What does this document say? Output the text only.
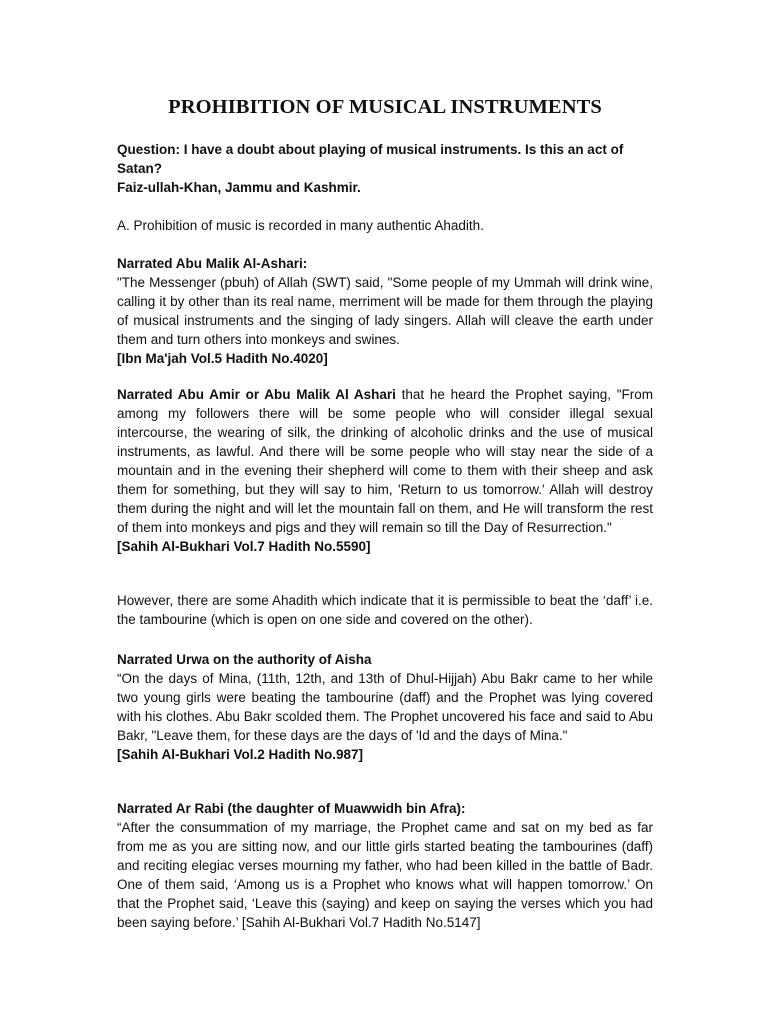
PROHIBITION OF MUSICAL INSTRUMENTS

Question: I have a doubt about playing of musical instruments. Is this an act of Satan?

Faiz-ullah-Khan, Jammu and Kashmir.

A. Prohibition of music is recorded in many authentic Ahadith.

Narrated Abu Malik Al-Ashari:

"The Messenger (pbuh) of Allah (SWT) said, "Some people of my Ummah will drink wine, calling it by other than its real name, merriment will be made for them through the playing of musical instruments and the singing of lady singers. Allah will cleave the earth under them and turn others into monkeys and swines.

[Ibn Ma'jah Vol.5 Hadith No.4020]

Narrated Abu Amir or Abu Malik Al Ashari that he heard the Prophet saying, "From among my followers there will be some people who will consider illegal sexual intercourse, the wearing of silk, the drinking of alcoholic drinks and the use of musical instruments, as lawful. And there will be some people who will stay near the side of a mountain and in the evening their shepherd will come to them with their sheep and ask them for something, but they will say to him, 'Return to us tomorrow.' Allah will destroy them during the night and will let the mountain fall on them, and He will transform the rest of them into monkeys and pigs and they will remain so till the Day of Resurrection."

[Sahih Al-Bukhari Vol.7 Hadith No.5590]

However, there are some Ahadith which indicate that it is permissible to beat the ‘daff’ i.e. the tambourine (which is open on one side and covered on the other).

Narrated Urwa on the authority of Aisha

“On the days of Mina, (11th, 12th, and 13th of Dhul-Hijjah) Abu Bakr came to her while two young girls were beating the tambourine (daff) and the Prophet was lying covered with his clothes. Abu Bakr scolded them. The Prophet uncovered his face and said to Abu Bakr, "Leave them, for these days are the days of 'Id and the days of Mina."

[Sahih Al-Bukhari Vol.2 Hadith No.987]

Narrated Ar Rabi (the daughter of Muawwidh bin Afra):

“After the consummation of my marriage, the Prophet came and sat on my bed as far from me as you are sitting now, and our little girls started beating the tambourines (daff) and reciting elegiac verses mourning my father, who had been killed in the battle of Badr. One of them said, ‘Among us is a Prophet who knows what will happen tomorrow.’ On that the Prophet said, ‘Leave this (saying) and keep on saying the verses which you had been saying before.’ [Sahih Al-Bukhari Vol.7 Hadith No.5147]
